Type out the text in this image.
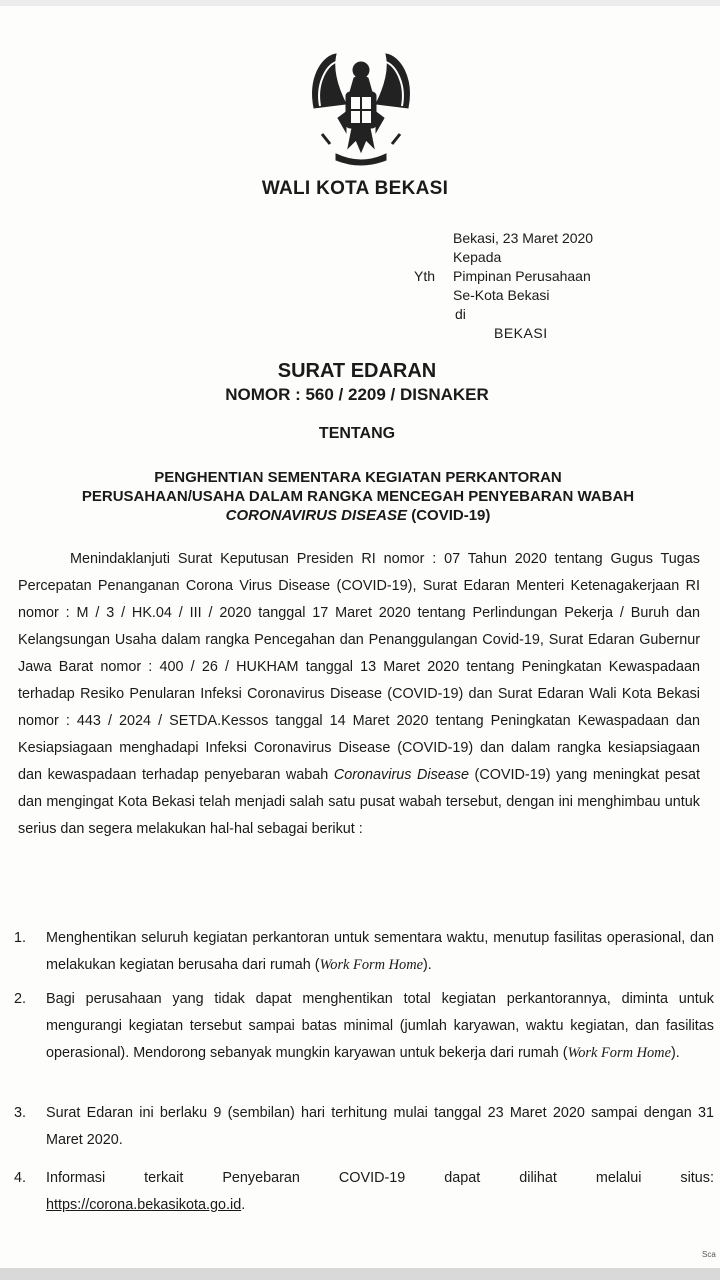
WALI KOTA BEKASI
Bekasi, 23 Maret 2020
Kepada
Yth Pimpinan Perusahaan
Se-Kota Bekasi
di
BEKASI
SURAT EDARAN
NOMOR : 560 / 2209 / DISNAKER
TENTANG
PENGHENTIAN SEMENTARA KEGIATAN PERKANTORAN
PERUSAHAAN/USAHA DALAM RANGKA MENCEGAH PENYEBARAN WABAH
CORONAVIRUS DISEASE (COVID-19)
Menindaklanjuti Surat Keputusan Presiden RI nomor : 07 Tahun 2020 tentang Gugus Tugas Percepatan Penanganan Corona Virus Disease (COVID-19), Surat Edaran Menteri Ketenagakerjaan RI nomor : M / 3 / HK.04 / III / 2020 tanggal 17 Maret 2020 tentang Perlindungan Pekerja / Buruh dan Kelangsungan Usaha dalam rangka Pencegahan dan Penanggulangan Covid-19, Surat Edaran Gubernur Jawa Barat nomor : 400 / 26 / HUKHAM tanggal 13 Maret 2020 tentang Peningkatan Kewaspadaan terhadap Resiko Penularan Infeksi Coronavirus Disease (COVID-19) dan Surat Edaran Wali Kota Bekasi nomor : 443 / 2024 / SETDA.Kessos tanggal 14 Maret 2020 tentang Peningkatan Kewaspadaan dan Kesiapsiagaan menghadapi Infeksi Coronavirus Disease (COVID-19) dan dalam rangka kesiapsiagaan dan kewaspadaan terhadap penyebaran wabah Coronavirus Disease (COVID-19) yang meningkat pesat dan mengingat Kota Bekasi telah menjadi salah satu pusat wabah tersebut, dengan ini menghimbau untuk serius dan segera melakukan hal-hal sebagai berikut :
1. Menghentikan seluruh kegiatan perkantoran untuk sementara waktu, menutup fasilitas operasional, dan melakukan kegiatan berusaha dari rumah (Work Form Home).
2. Bagi perusahaan yang tidak dapat menghentikan total kegiatan perkantorannya, diminta untuk mengurangi kegiatan tersebut sampai batas minimal (jumlah karyawan, waktu kegiatan, dan fasilitas operasional). Mendorong sebanyak mungkin karyawan untuk bekerja dari rumah (Work Form Home).
3. Surat Edaran ini berlaku 9 (sembilan) hari terhitung mulai tanggal 23 Maret 2020 sampai dengan 31 Maret 2020.
4. Informasi terkait Penyebaran COVID-19 dapat dilihat melalui situs:
https://corona.bekasikota.go.id.
Sca
